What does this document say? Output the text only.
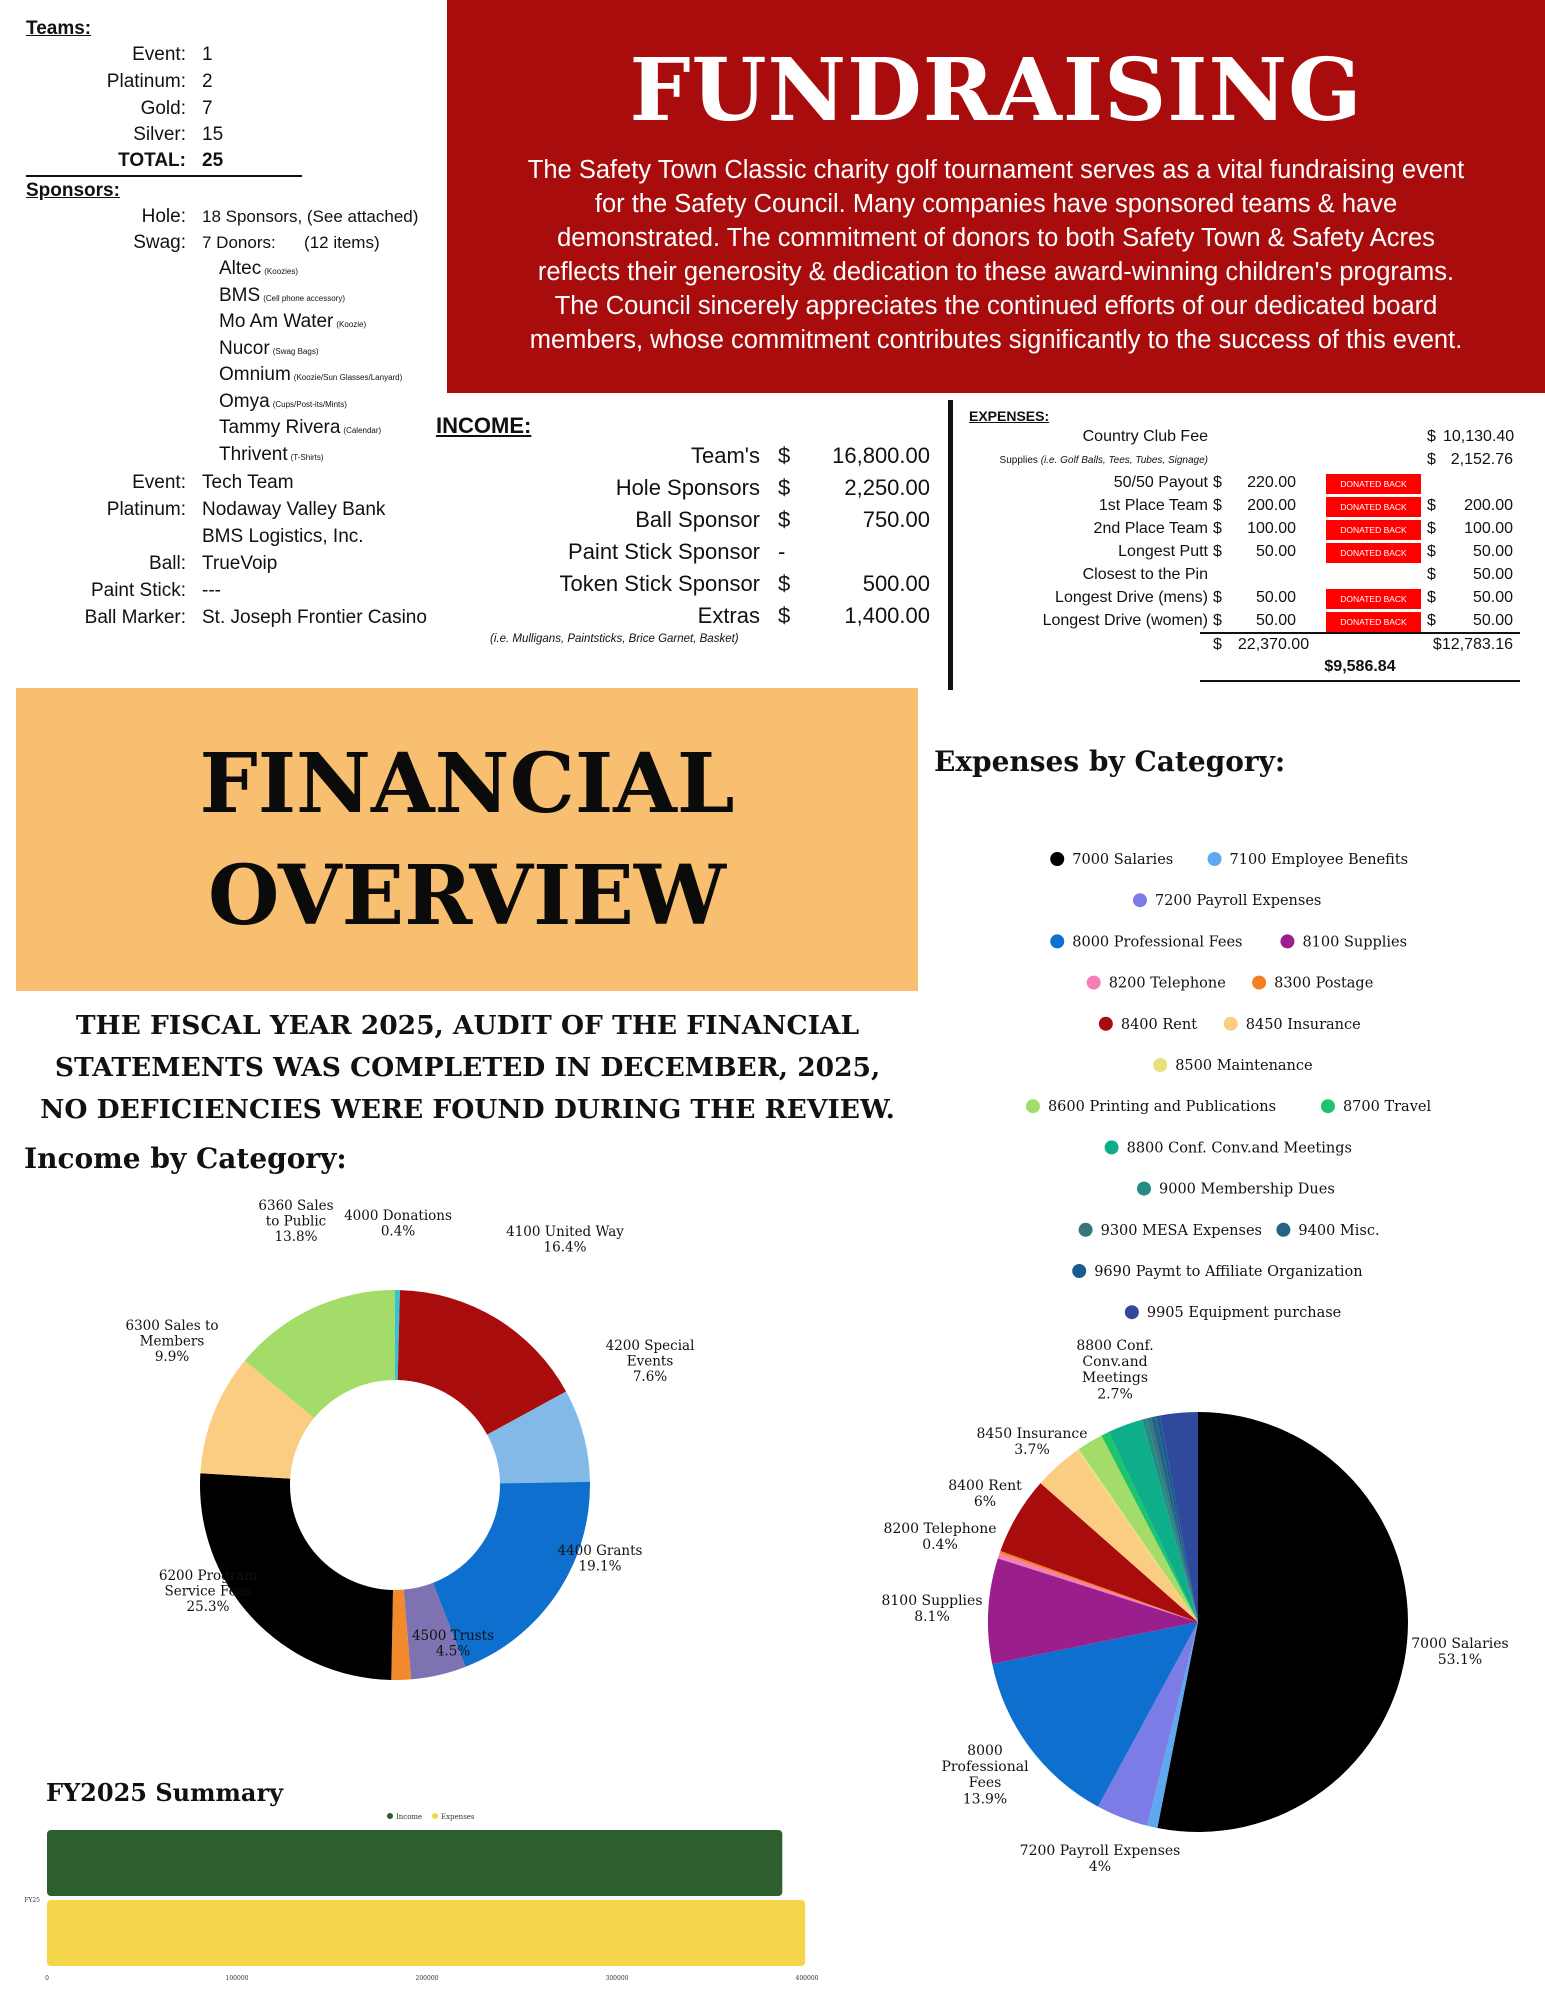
Teams:
Event: 1
Platinum: 2
Gold: 7
Silver: 15
TOTAL: 25
Sponsors:
Hole: 18 Sponsors, (See attached)
Swag: 7 Donors:      (12 items)
Altec (Koozies)
BMS (Cell phone accessory)
Mo Am Water (Koozie)
Nucor (Swag Bags)
Omnium (Koozie/Sun Glasses/Lanyard)
Omya (Cups/Post-its/Mints)
Tammy Rivera (Calendar)
Thrivent (T-Shirts)
Event: Tech Team
Platinum: Nodaway Valley Bank
BMS Logistics, Inc.
Ball: TrueVoip
Paint Stick: ---
Ball Marker: St. Joseph Frontier Casino
FUNDRAISING
The Safety Town Classic charity golf tournament serves as a vital fundraising event
for the Safety Council. Many companies have sponsored teams & have
demonstrated. The commitment of donors to both Safety Town & Safety Acres
reflects their generosity & dedication to these award-winning children's programs.
The Council sincerely appreciates the continued efforts of our dedicated board
members, whose commitment contributes significantly to the success of this event.
INCOME:
Team's $ 16,800.00
Hole Sponsors $ 2,250.00
Ball Sponsor $	750.00
Paint Stick Sponsor -
Token Stick Sponsor $	500.00
Extras $ 1,400.00
(i.e. Mulligans, Paintsticks, Brice Garnet, Basket)
EXPENSES:
Country Club Fee	$ 10,130.40
Supplies (i.e. Golf Balls, Tees, Tubes, Signage)	$ 2,152.76
50/50 Payout $	220.00	DONATED BACK
1st Place Team $	200.00	DONATED BACK	$	200.00
2nd Place Team $	100.00	DONATED BACK	$	100.00
Longest Putt $	50.00	DONATED BACK	$	50.00
Closest to the Pin	$	50.00
Longest Drive (mens) $	50.00	DONATED BACK	$	50.00
Longest Drive (women) $	50.00	DONATED BACK	$	50.00
$	22,370.00	$12,783.16
$9,586.84
FINANCIAL
OVERVIEW
THE FISCAL YEAR 2025, AUDIT OF THE FINANCIAL
STATEMENTS WAS COMPLETED IN DECEMBER, 2025,
NO DEFICIENCIES WERE FOUND DURING THE REVIEW.
Income by Category:
Expenses by Category:
FY2025 Summary
4000 Donations 0.4%	4100 United Way 16.4%
4200 Special Events 7.6%
4400 Grants 19.1%
4500 Trusts 4.5%
6200 Program Service Fees 25.3%
6300 Sales to Members 9.9%
6360 Sales to Public 13.8%
7000 Salaries	7100 Employee Benefits
7200 Payroll Expenses
8000 Professional Fees	8100 Supplies
8200 Telephone	8300 Postage
8400 Rent	8450 Insurance
8500 Maintenance
8600 Printing and Publications	8700 Travel
8800 Conf. Conv.and Meetings
9000 Membership Dues
9300 MESA Expenses	9400 Misc.
9690 Paymt to Affiliate Organization
9905 Equipment purchase
7000 Salaries 53.1%
7200 Payroll Expenses 4%
8000 Professional Fees 13.9%
8100 Supplies 8.1%
8200 Telephone 0.4%
8400 Rent 6%
8450 Insurance 3.7%
8800 Conf. Conv.and Meetings 2.7%
Income	Expenses
FY25
0	100000	200000	300000	400000
